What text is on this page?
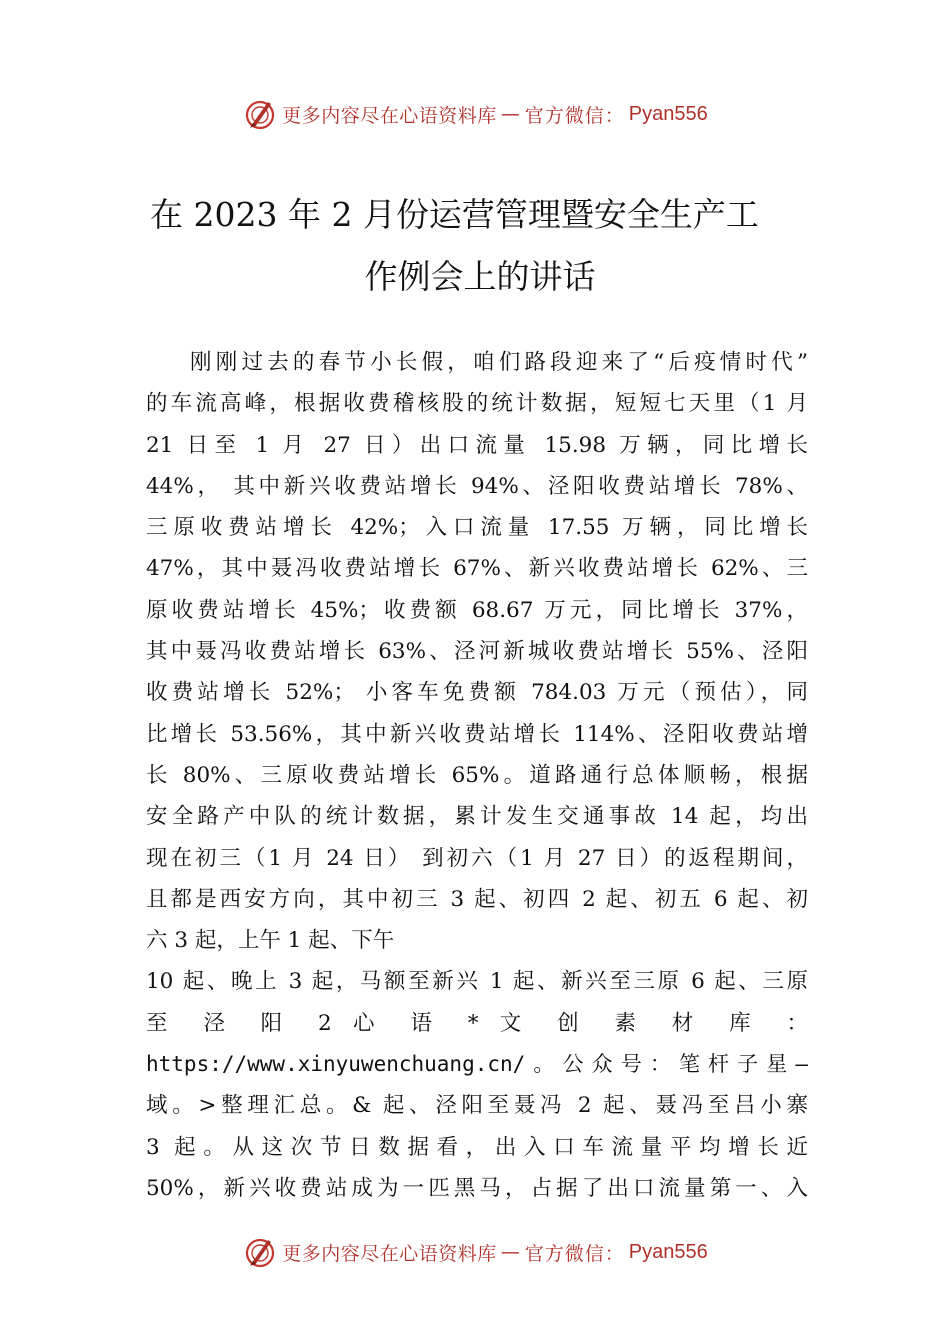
更多内容尽在心语资料库 — 官方微信： Pyan556
在 2023 年 2 月份运营管理暨安全生产工
作例会上的讲话
刚刚过去的春节小长假，咱们路段迎来了“后疫情时代”
的车流高峰，根据收费稽核股的统计数据，短短七天里（1 月
21 日至 1 月 27 日）出口流量 15.98 万辆，同比增长
44%， 其中新兴收费站增长 94%、泾阳收费站增长 78%、
三原收费站增长 42%；入口流量 17.55 万辆，同比增长
47%，其中聂冯收费站增长 67%、新兴收费站增长 62%、三
原收费站增长 45%；收费额 68.67 万元，同比增长 37%，
其中聂冯收费站增长 63%、泾河新城收费站增长 55%、泾阳
收费站增长 52%； 小客车免费额 784.03 万元（预估），同
比增长 53.56%，其中新兴收费站增长 114%、泾阳收费站增
长 80%、三原收费站增长 65%。道路通行总体顺畅，根据
安全路产中队的统计数据，累计发生交通事故 14 起，均出
现在初三（1 月 24 日） 到初六（1 月 27 日）的返程期间，
且都是西安方向，其中初三 3 起、初四 2 起、初五 6 起、初
六 3 起，上午 1 起、下午
10 起、晚上 3 起，马额至新兴 1 起、新兴至三原 6 起、三原
至 泾 阳 2 心 语 * 文 创 素 材 库 ：
https://www.xinyuwenchuang.cn/。公众号：笔杆子星—
域。>整理汇总。& 起、泾阳至聂冯 2 起、聂冯至吕小寨
3 起。从这次节日数据看，出入口车流量平均增长近
50%，新兴收费站成为一匹黑马，占据了出口流量第一、入
更多内容尽在心语资料库 — 官方微信： Pyan556
